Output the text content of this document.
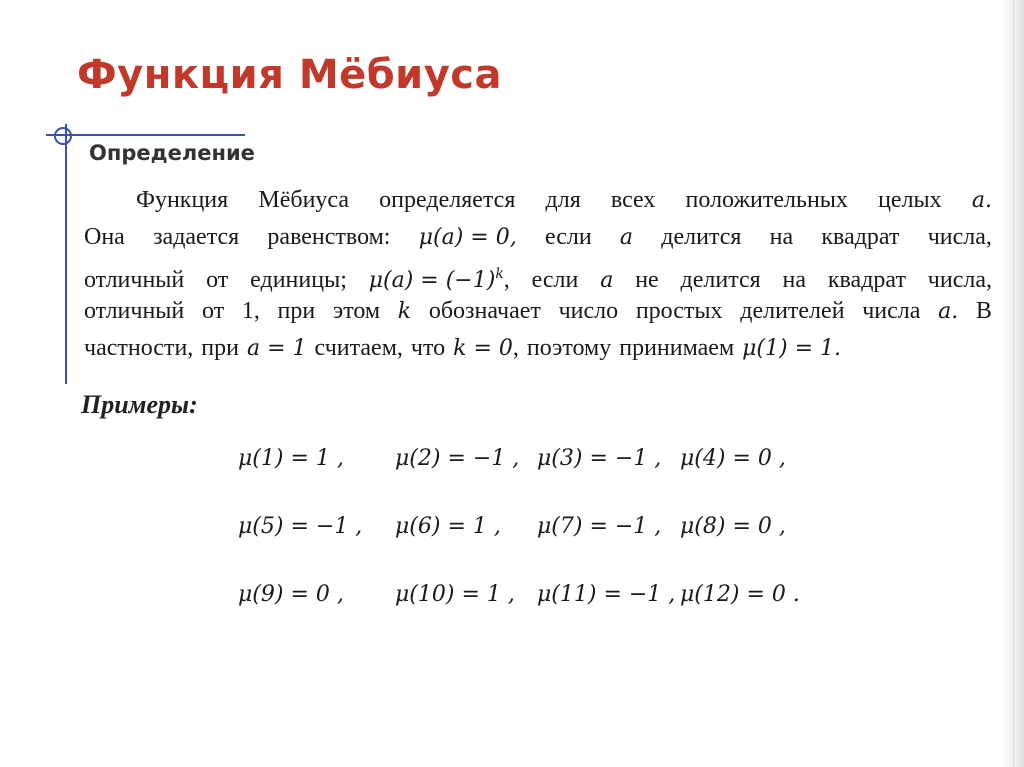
Функция Мёбиуса
Определение
Функция Мёбиуса определяется для всех положительных целых a.
Она задается равенством: μ(a) = 0, если a делится на квадрат числа,
отличный от единицы; $\mu(a) = (-1)^k$, если a не делится на квадрат числа,
отличный от 1, при этом k обозначает число простых делителей числа a. В
частности, при a = 1 считаем, что k = 0, поэтому принимаем μ(1) = 1.
Примеры:
μ(1) = 1 ,	μ(2) = −1 , μ(3) = −1 , μ(4) = 0 ,
μ(5) = −1 ,	μ(6) = 1 ,	μ(7) = −1 , μ(8) = 0 ,
μ(9) = 0 ,	μ(10) = 1 ,	μ(11) = −1 , μ(12) = 0 .
